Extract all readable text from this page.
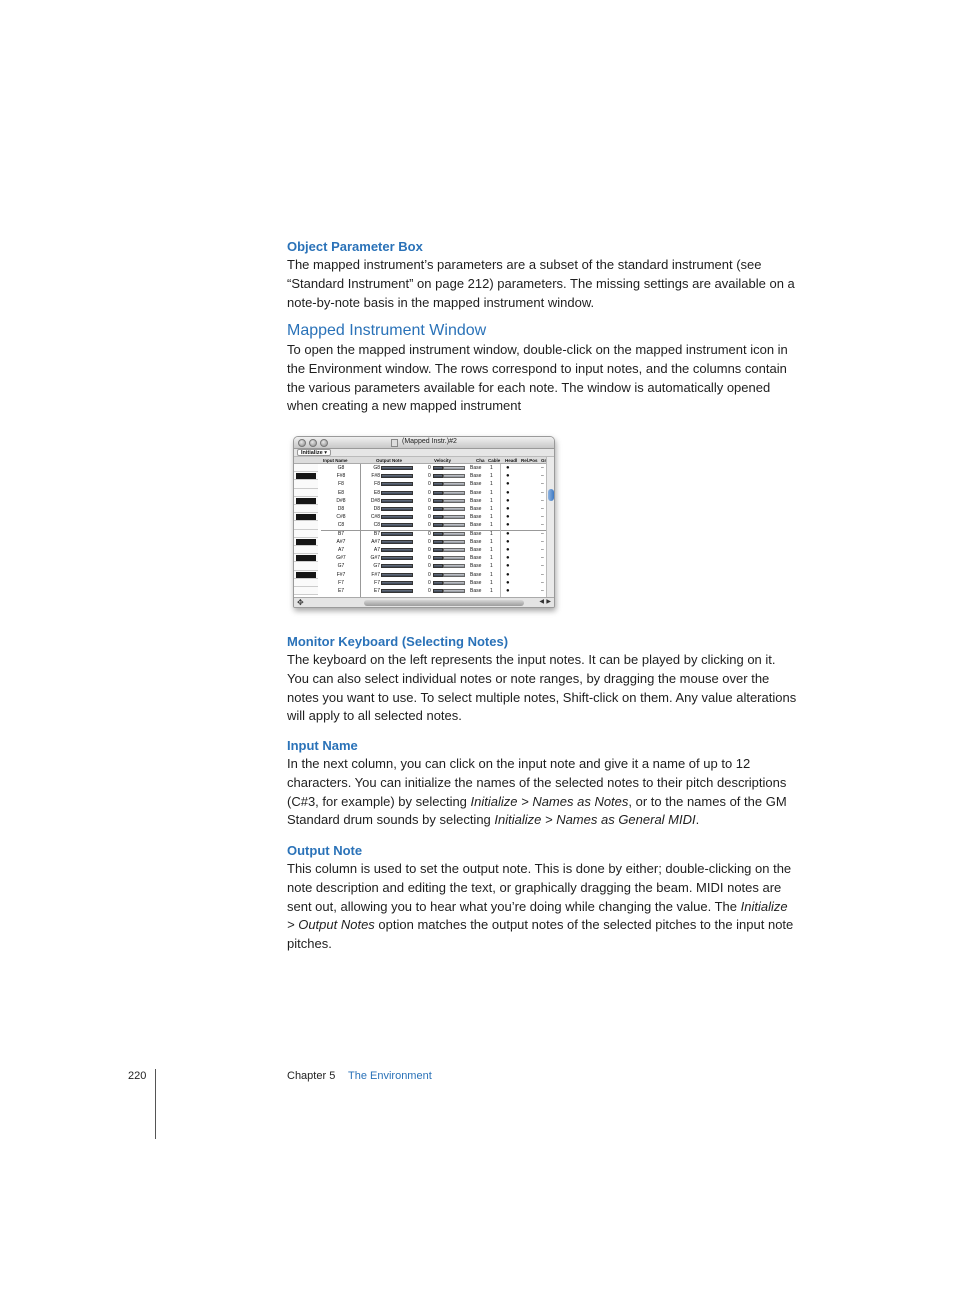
Object Parameter Box
The mapped instrument’s parameters are a subset of the standard instrument (see “Standard Instrument” on page 212) parameters. The missing settings are available on a note-by-note basis in the mapped instrument window.
Mapped Instrument Window
To open the mapped instrument window, double-click on the mapped instrument icon in the Environment window. The rows correspond to input notes, and the columns contain the various parameters available for each note. The window is automatically opened when creating a new mapped instrument
(Mapped Instr.)#2
Initialize ▾
Input Name	Output Note	Velocity	Cha Cable Headl Rel.Pos Gr
G8	G8	0	Base 1 ●	–
F#8	F#8	0	Base 1 ●	–
F8	F8	0	Base 1 ●	–
E8	E8	0	Base 1 ●	–
D#8	D#8	0	Base 1 ●	–
D8	D8	0	Base 1 ●	–
C#8	C#8	0	Base 1 ●	–
C8	C8	0	Base 1 ●	–
B7	B7	0	Base 1 ●	–
A#7	A#7	0	Base 1 ●	–
A7	A7	0	Base 1 ●	–
G#7	G#7	0	Base 1 ●	–
G7	G7	0	Base 1 ●	–
F#7	F#7	0	Base 1 ●	–
F7	F7	0	Base 1 ●	–
E7	E7	0	Base 1 ●	–
✥	◀ ▶
Monitor Keyboard (Selecting Notes)
The keyboard on the left represents the input notes. It can be played by clicking on it. You can also select individual notes or note ranges, by dragging the mouse over the notes you want to use. To select multiple notes, Shift-click on them. Any value alterations will apply to all selected notes.
Input Name
In the next column, you can click on the input note and give it a name of up to 12 characters. You can initialize the names of the selected notes to their pitch descriptions (C#3, for example) by selecting Initialize > Names as Notes, or to the names of the GM Standard drum sounds by selecting Initialize > Names as General MIDI.
Output Note
This column is used to set the output note. This is done by either; double-clicking on the note description and editing the text, or graphically dragging the beam. MIDI notes are sent out, allowing you to hear what you’re doing while changing the value. The Initialize > Output Notes option matches the output notes of the selected pitches to the input note pitches.
220	Chapter 5 The Environment
